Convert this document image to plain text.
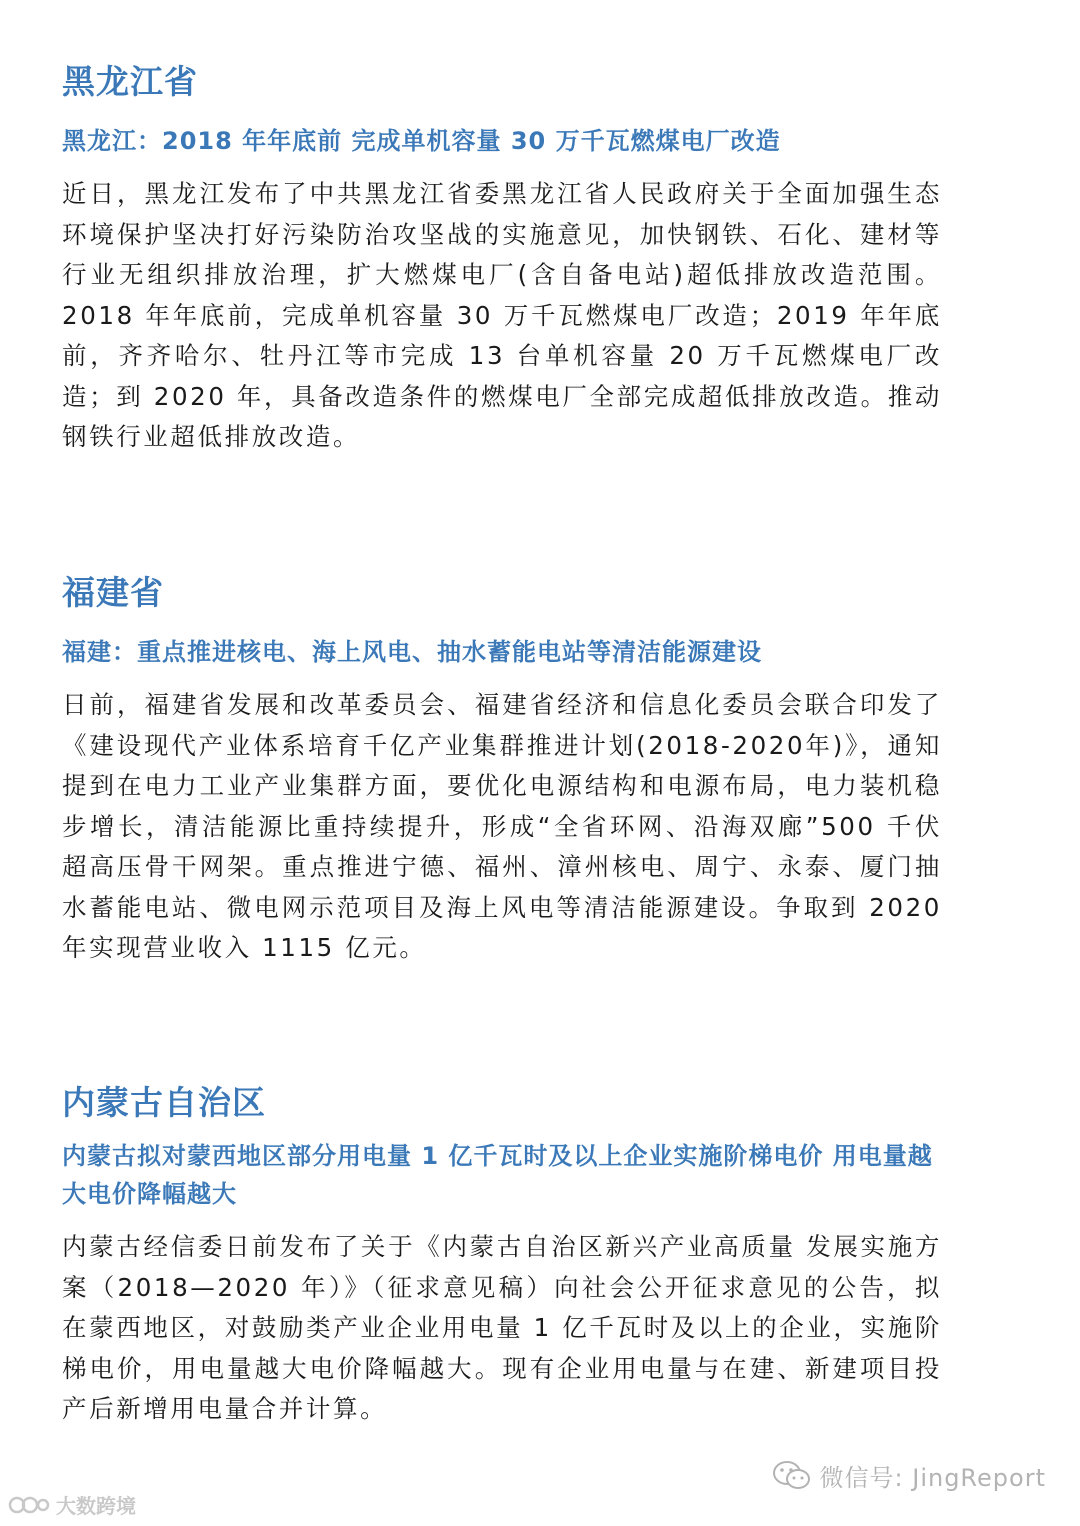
黑龙江省
黑龙江：2018 年年底前 完成单机容量 30 万千瓦燃煤电厂改造

近日，黑龙江发布了中共黑龙江省委黑龙江省人民政府关于全面加强生态环境保护坚决打好污染防治攻坚战的实施意见，加快钢铁、石化、建材等行业无组织排放治理，扩大燃煤电厂(含自备电站)超低排放改造范围。2018 年年底前，完成单机容量 30 万千瓦燃煤电厂改造；2019 年年底前，齐齐哈尔、牡丹江等市完成 13 台单机容量 20 万千瓦燃煤电厂改造；到 2020 年，具备改造条件的燃煤电厂全部完成超低排放改造。推动钢铁行业超低排放改造。

福建省
福建：重点推进核电、海上风电、抽水蓄能电站等清洁能源建设

日前，福建省发展和改革委员会、福建省经济和信息化委员会联合印发了《建设现代产业体系培育千亿产业集群推进计划(2018-2020年)》，通知提到在电力工业产业集群方面，要优化电源结构和电源布局，电力装机稳步增长，清洁能源比重持续提升，形成“全省环网、沿海双廊”500 千伏超高压骨干网架。重点推进宁德、福州、漳州核电、周宁、永泰、厦门抽水蓄能电站、微电网示范项目及海上风电等清洁能源建设。争取到 2020 年实现营业收入 1115 亿元。

内蒙古自治区
内蒙古拟对蒙西地区部分用电量 1 亿千瓦时及以上企业实施阶梯电价 用电量越大电价降幅越大

内蒙古经信委日前发布了关于《内蒙古自治区新兴产业高质量 发展实施方案（2018—2020 年）》（征求意见稿）向社会公开征求意见的公告，拟在蒙西地区，对鼓励类产业企业用电量 1 亿千瓦时及以上的企业，实施阶梯电价，用电量越大电价降幅越大。现有企业用电量与在建、新建项目投产后新增用电量合并计算。

微信号: JingReport
大数跨境
